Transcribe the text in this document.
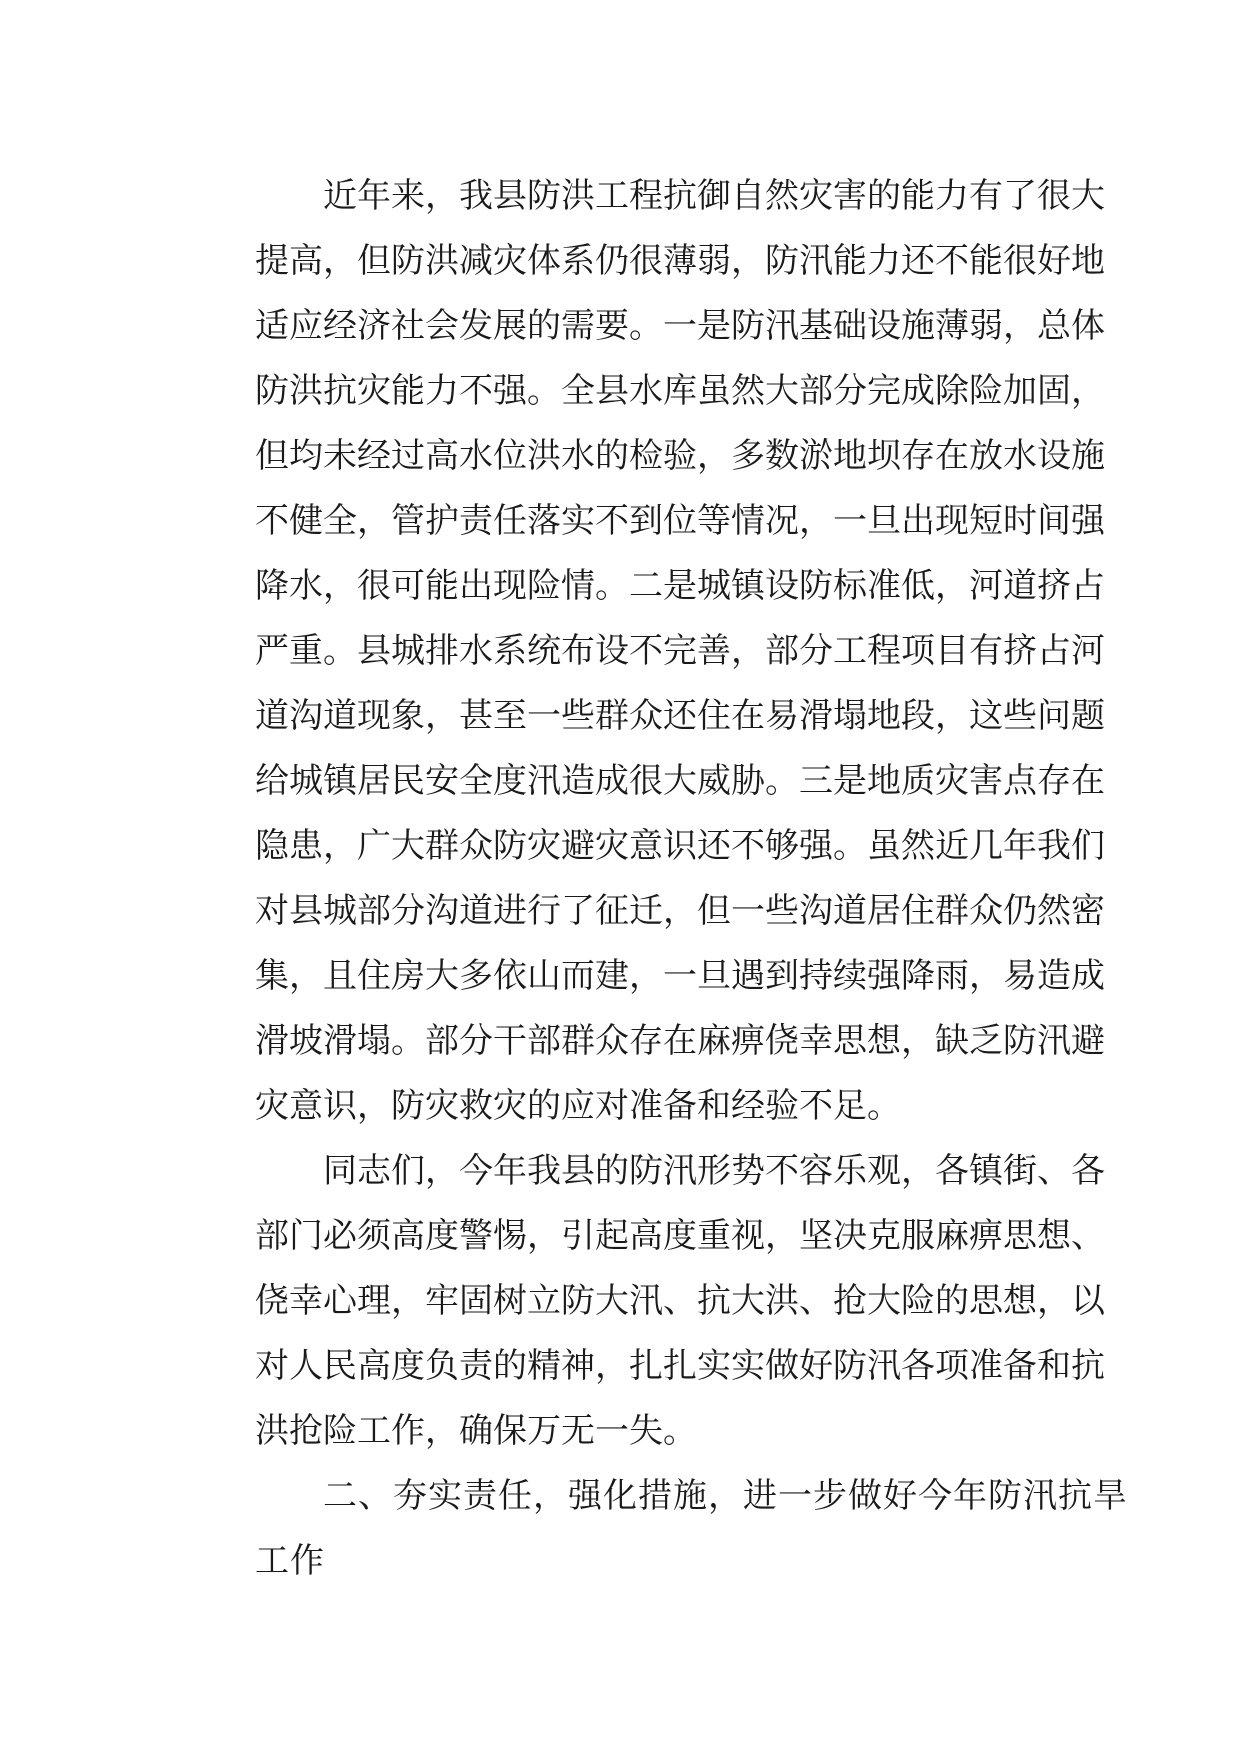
近年来，我县防洪工程抗御自然灾害的能力有了很大
提高，但防洪减灾体系仍很薄弱，防汛能力还不能很好地
适应经济社会发展的需要。一是防汛基础设施薄弱，总体
防洪抗灾能力不强。全县水库虽然大部分完成除险加固，
但均未经过高水位洪水的检验，多数淤地坝存在放水设施
不健全，管护责任落实不到位等情况，一旦出现短时间强
降水，很可能出现险情。二是城镇设防标准低，河道挤占
严重。县城排水系统布设不完善，部分工程项目有挤占河
道沟道现象，甚至一些群众还住在易滑塌地段，这些问题
给城镇居民安全度汛造成很大威胁。三是地质灾害点存在
隐患，广大群众防灾避灾意识还不够强。虽然近几年我们
对县城部分沟道进行了征迁，但一些沟道居住群众仍然密
集，且住房大多依山而建，一旦遇到持续强降雨，易造成
滑坡滑塌。部分干部群众存在麻痹侥幸思想，缺乏防汛避
灾意识，防灾救灾的应对准备和经验不足。
同志们，今年我县的防汛形势不容乐观，各镇街、各
部门必须高度警惕，引起高度重视，坚决克服麻痹思想、
侥幸心理，牢固树立防大汛、抗大洪、抢大险的思想，以
对人民高度负责的精神，扎扎实实做好防汛各项准备和抗
洪抢险工作，确保万无一失。
二、夯实责任，强化措施，进一步做好今年防汛抗旱
工作
